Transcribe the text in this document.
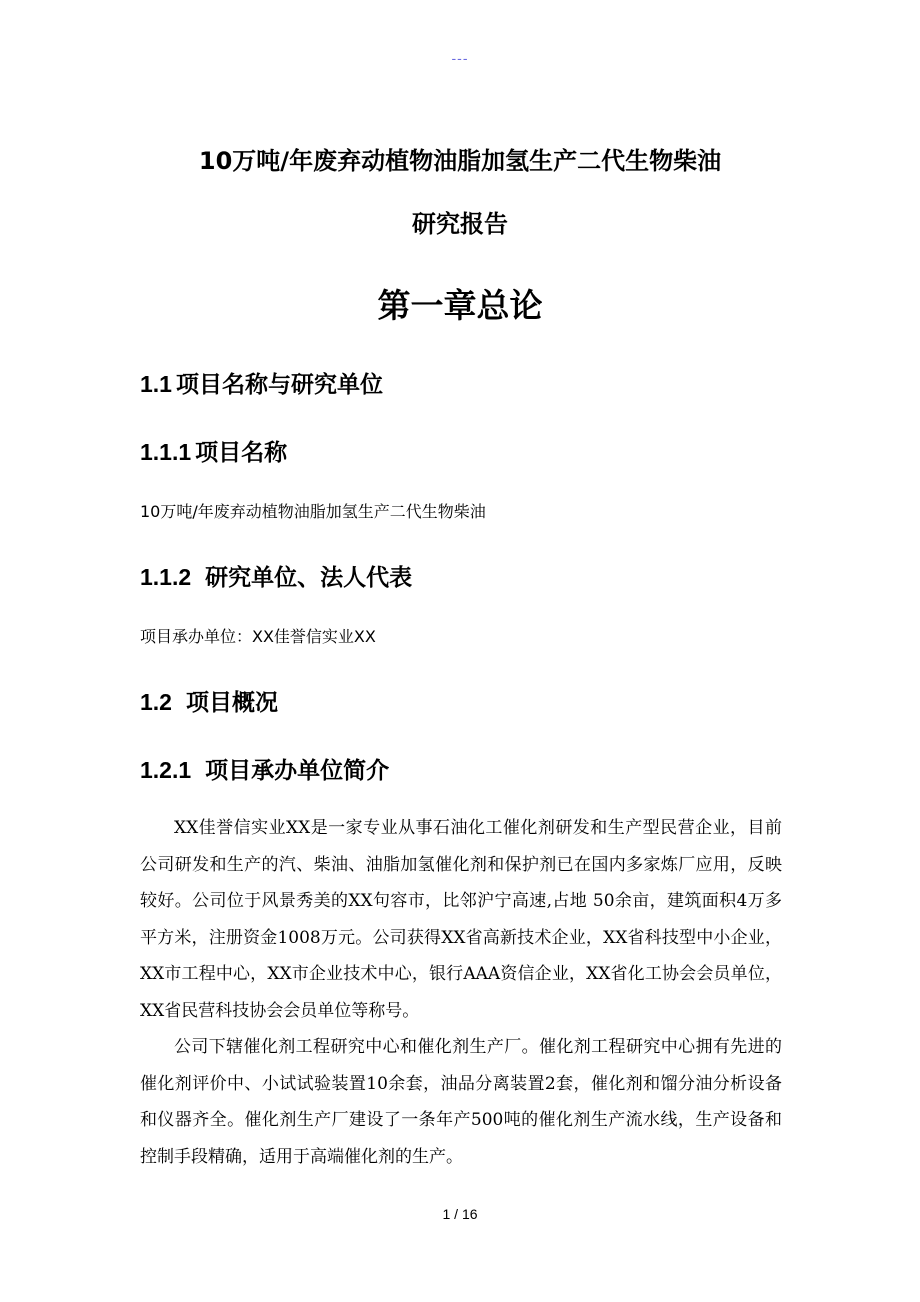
---
10万吨/年废弃动植物油脂加氢生产二代生物柴油
研究报告
第一章总论
1.1 项目名称与研究单位
1.1.1 项目名称
10万吨/年废弃动植物油脂加氢生产二代生物柴油
1.1.2 研究单位、法人代表
项目承办单位：XX佳誉信实业XX
1.2 项目概况
1.2.1 项目承办单位简介

XX佳誉信实业XX是一家专业从事石油化工催化剂研发和生产型民营企业，目前公司研发和生产的汽、柴油、油脂加氢催化剂和保护剂已在国内多家炼厂应用，反映较好。公司位于风景秀美的XX句容市，比邻沪宁高速,占地 50余亩，建筑面积4万多平方米，注册资金1008万元。公司获得XX省高新技术企业，XX省科技型中小企业，XX市工程中心，XX市企业技术中心，银行AAA资信企业，XX省化工协会会员单位，XX省民营科技协会会员单位等称号。

公司下辖催化剂工程研究中心和催化剂生产厂。催化剂工程研究中心拥有先进的催化剂评价中、小试试验装置10余套，油品分离装置2套，催化剂和馏分油分析设备和仪器齐全。催化剂生产厂建设了一条年产500吨的催化剂生产流水线，生产设备和控制手段精确，适用于高端催化剂的生产。

1 / 16
